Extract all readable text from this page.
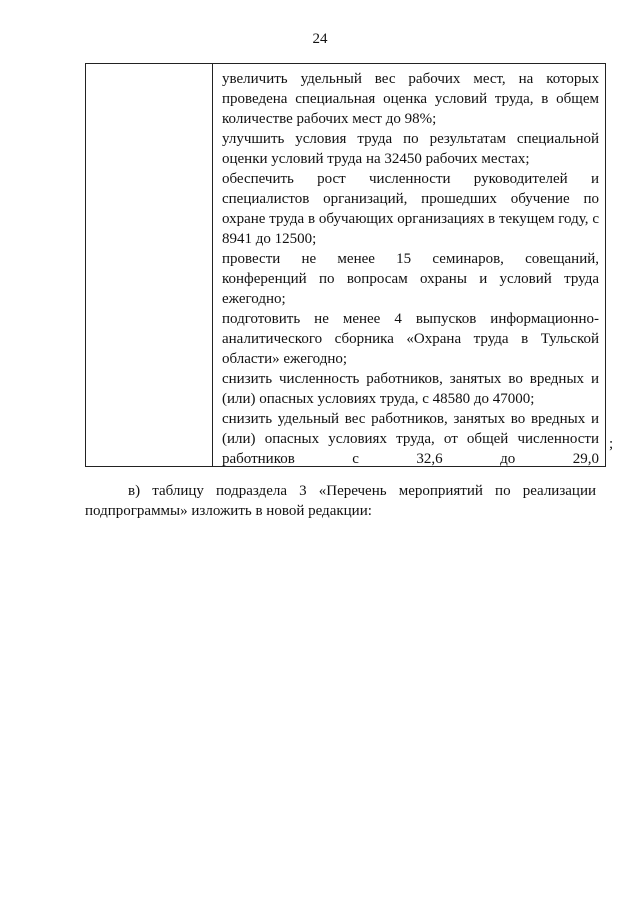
24

увеличить удельный вес рабочих мест, на которых проведена специальная оценка условий труда, в общем количестве рабочих мест до 98%;

улучшить условия труда по результатам специальной оценки условий труда на 32450 рабочих местах;

обеспечить рост численности руководителей и специалистов организаций, прошедших обучение по охране труда в обучающих организациях в текущем году, с 8941 до 12500;

провести не менее 15 семинаров, совещаний, конференций по вопросам охраны и условий труда ежегодно;

подготовить не менее 4 выпусков информационно-аналитического сборника «Охрана труда в Тульской области» ежегодно;

снизить численность работников, занятых во вредных и (или) опасных условиях труда, с 48580 до 47000;

снизить удельный вес работников, занятых во вредных и (или) опасных условиях труда, от общей численности работников с 32,6 до 29,0

;

в) таблицу подраздела 3 «Перечень мероприятий по реализации подпрограммы» изложить в новой редакции:
